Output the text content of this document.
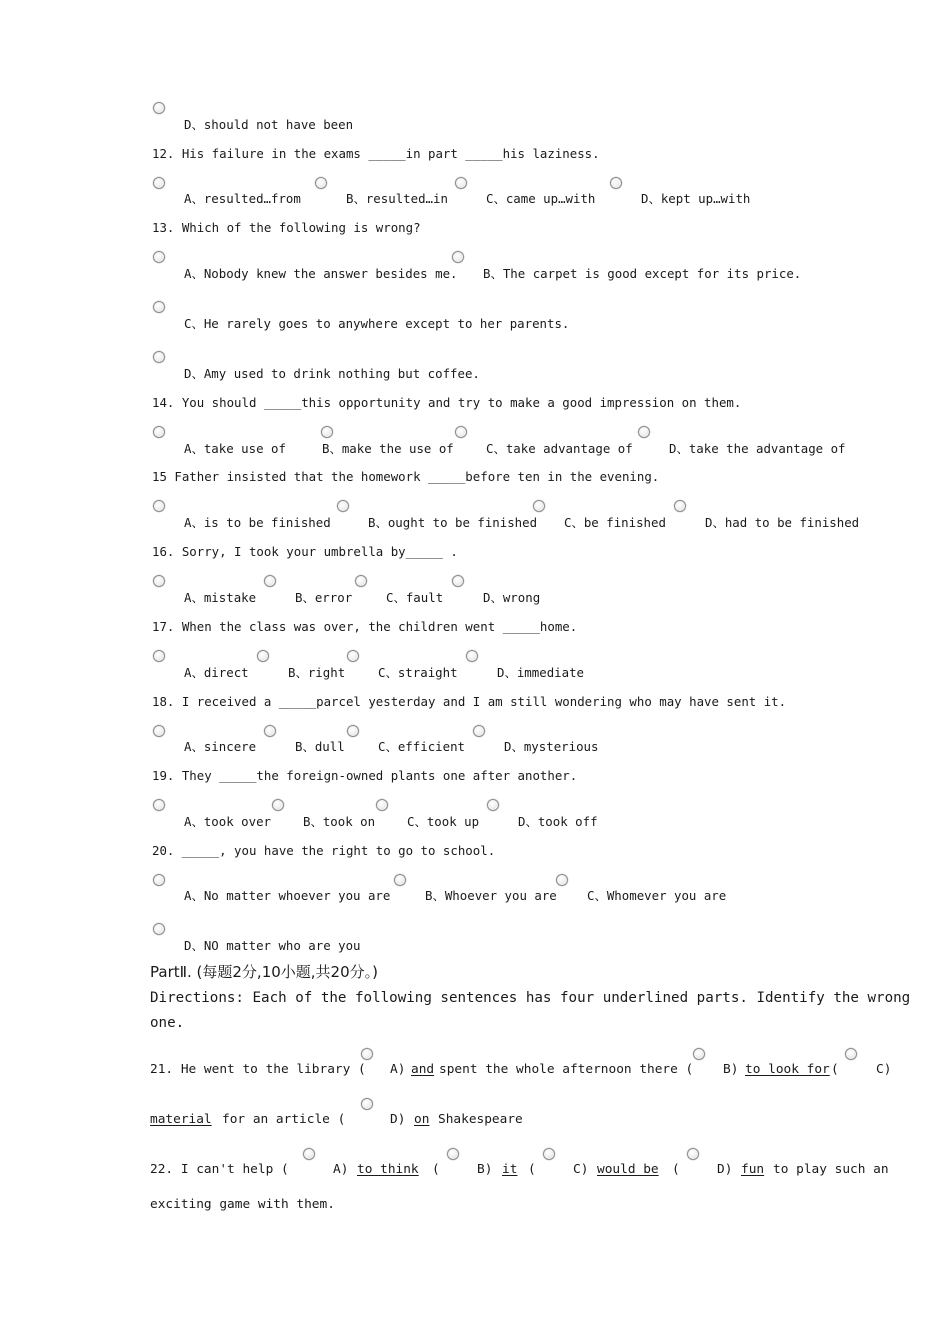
D、should not have been
12. His failure in the exams _____in part _____his laziness.
A、resulted…from	B、resulted…in	C、came up…with	D、kept up…with
13. Which of the following is wrong?
A、Nobody knew the answer besides me. B、The carpet is good except for its price.
C、He rarely goes to anywhere except to her parents.
D、Amy used to drink nothing but coffee.
14. You should _____this opportunity and try to make a good impression on them.
A、take use of	B、make the use of	C、take advantage of	D、take the advantage of
15 Father insisted that the homework _____before ten in the evening.
A、is to be finished	B、ought to be finished C、be finished	D、had to be finished
16. Sorry, I took your umbrella by_____ .
A、mistake	B、error	C、fault	D、wrong
17. When the class was over, the children went _____home.
A、direct	B、right	C、straight	D、immediate
18. I received a _____parcel yesterday and I am still wondering who may have sent it.
A、sincere	B、dull	C、efficient	D、mysterious
19. They _____the foreign-owned plants one after another.
A、took over	B、took on	C、took up	D、took off
20. _____, you have the right to go to school.
A、No matter whoever you are	B、Whoever you are C、Whomever you are
D、NO matter who are you
PartⅡ. (每题2分,10小题,共20分。)
Directions: Each of the following sentences has four underlined parts. Identify the wrong
one.
21. He went to the library ( A) and spent the whole afternoon there ( B) to look for (	C)
material for an article (	D) on Shakespeare
22. I can't help (	A) to think (	B) it (	C) would be (	D) fun to play such an
exciting game with them.
